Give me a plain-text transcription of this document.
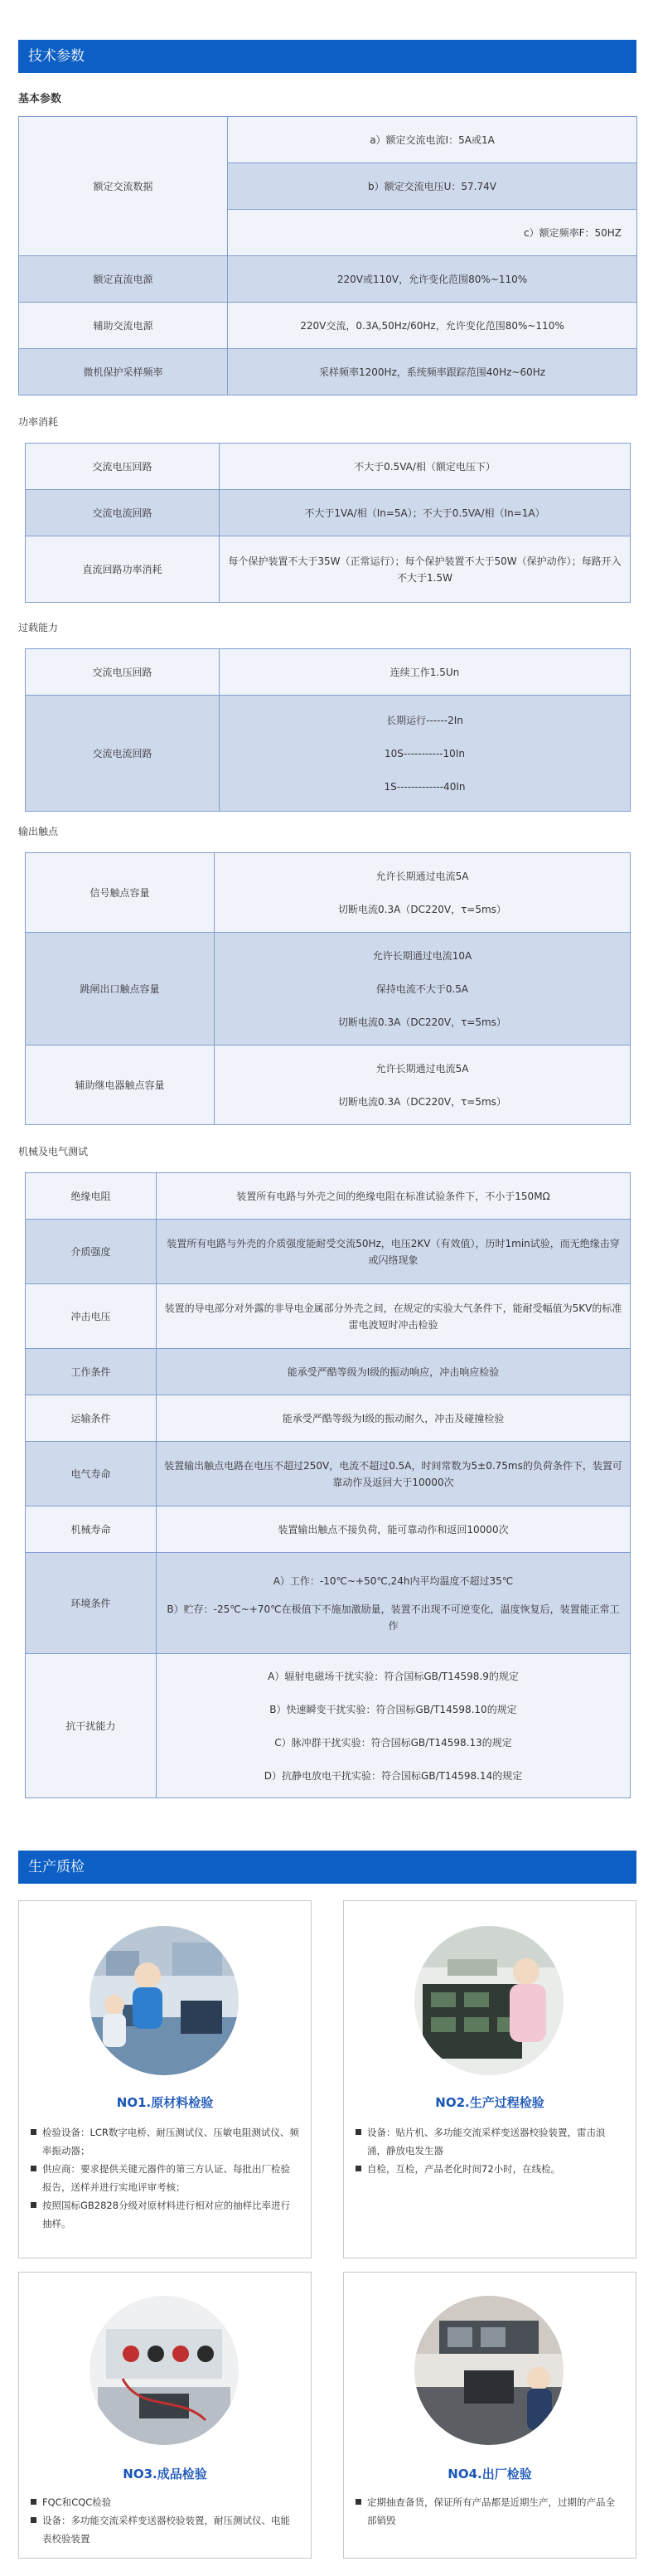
技术参数
基本参数
额定交流数据	a）额定交流电流I：5A或1A
	b）额定交流电压U：57.74V
	c）额定频率F：50HZ
额定直流电源	220V或110V，允许变化范围80%~110%
辅助交流电源	220V交流，0.3A,50Hz/60Hz，允许变化范围80%~110%
微机保护采样频率	采样频率1200Hz，系统频率跟踪范围40Hz~60Hz
功率消耗
交流电压回路	不大于0.5VA/相（额定电压下）
交流电流回路	不大于1VA/相（In=5A）；不大于0.5VA/相（In=1A）
直流回路功率消耗	每个保护装置不大于35W（正常运行）；每个保护装置不大于50W（保护动作）；每路开入不大于1.5W
过载能力
交流电压回路	连续工作1.5Un
交流电流回路	长期运行------2In

10S-----------10In

1S-------------40In

输出触点
信号触点容量	允许长期通过电流5A

切断电流0.3A（DC220V，τ=5ms）

跳闸出口触点容量	允许长期通过电流10A

保持电流不大于0.5A

切断电流0.3A（DC220V，τ=5ms）

辅助继电器触点容量	允许长期通过电流5A

切断电流0.3A（DC220V，τ=5ms）

机械及电气测试
绝缘电阻	装置所有电路与外壳之间的绝缘电阻在标准试验条件下，不小于150MΩ
介质强度	装置所有电路与外壳的介质强度能耐受交流50Hz，电压2KV（有效值），历时1min试验，而无绝缘击穿或闪络现象
冲击电压	装置的导电部分对外露的非导电金属部分外壳之间，在规定的实验大气条件下，能耐受幅值为5KV的标准雷电波短时冲击检验
工作条件	能承受严酷等级为I级的振动响应，冲击响应检验
运输条件	能承受严酷等级为I级的振动耐久，冲击及碰撞检验
电气寿命	装置输出触点电路在电压不超过250V，电流不超过0.5A，时间常数为5±0.75ms的负荷条件下，装置可靠动作及返回大于10000次
机械寿命	装置输出触点不接负荷，能可靠动作和返回10000次
环境条件	A）工作：-10℃~+50℃,24h内平均温度不超过35℃

B）贮存：-25℃~+70℃在极值下不施加激励量，装置不出现不可逆变化，温度恢复后，装置能正常工作

抗干扰能力	A）辐射电磁场干扰实验：符合国标GB/T14598.9的规定

B）快速瞬变干扰实验：符合国标GB/T14598.10的规定

C）脉冲群干扰实验：符合国标GB/T14598.13的规定

D）抗静电放电干扰实验：符合国标GB/T14598.14的规定

生产质检
NO1.原材料检验
检验设备：LCR数字电桥、耐压测试仪、压敏电阻测试仪、频率振动器；
供应商：要求提供关键元器件的第三方认证、每批出厂检验报告，送样并进行实地评审考核；
按照国标GB2828分级对原材料进行相对应的抽样比率进行抽样。
NO2.生产过程检验
设备：贴片机、多功能交流采样变送器校验装置，雷击浪涌，静放电发生器
自检，互检，产品老化时间72小时，在线检。
NO3.成品检验
FQC和CQC检验
设备：多功能交流采样变送器校验装置，耐压测试仪、电能表校验装置
NO4.出厂检验
定期抽查备货，保证所有产品都是近期生产，过期的产品全部销毁
